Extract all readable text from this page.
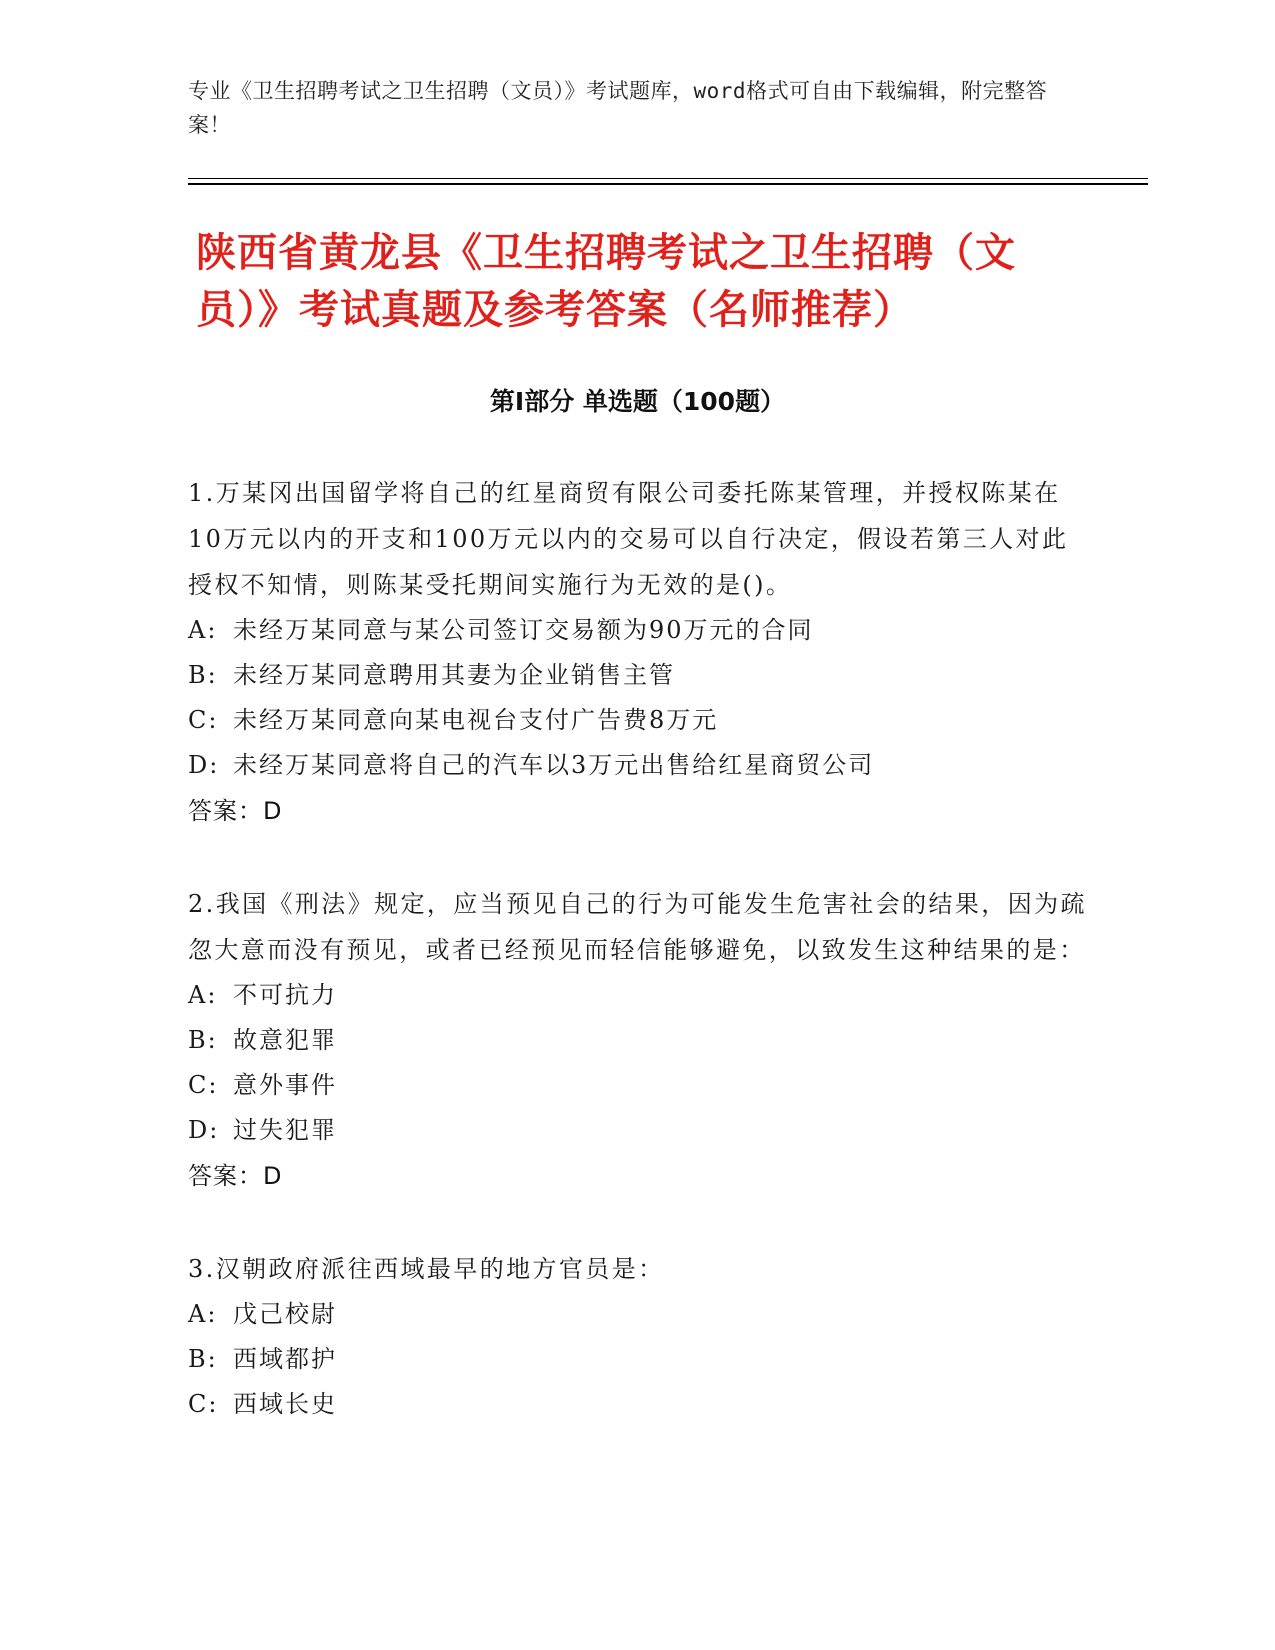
专业《卫生招聘考试之卫生招聘（文员）》考试题库，word格式可自由下载编辑，附完整答案！
陕西省黄龙县《卫生招聘考试之卫生招聘（文员）》考试真题及参考答案（名师推荐）
第Ⅰ部分 单选题（100题）

1.万某冈出国留学将自己的红星商贸有限公司委托陈某管理，并授权陈某在10万元以内的开支和100万元以内的交易可以自行决定，假设若第三人对此授权不知情，则陈某受托期间实施行为无效的是()。

A: 未经万某同意与某公司签订交易额为90万元的合同
B: 未经万某同意聘用其妻为企业销售主管
C: 未经万某同意向某电视台支付广告费8万元
D: 未经万某同意将自己的汽车以3万元出售给红星商贸公司
答案：D

2.我国《刑法》规定，应当预见自己的行为可能发生危害社会的结果，因为疏忽大意而没有预见，或者已经预见而轻信能够避免，以致发生这种结果的是：

A: 不可抗力
B: 故意犯罪
C: 意外事件
D: 过失犯罪
答案：D

3.汉朝政府派往西域最早的地方官员是：

A: 戊己校尉
B: 西域都护
C: 西域长史
